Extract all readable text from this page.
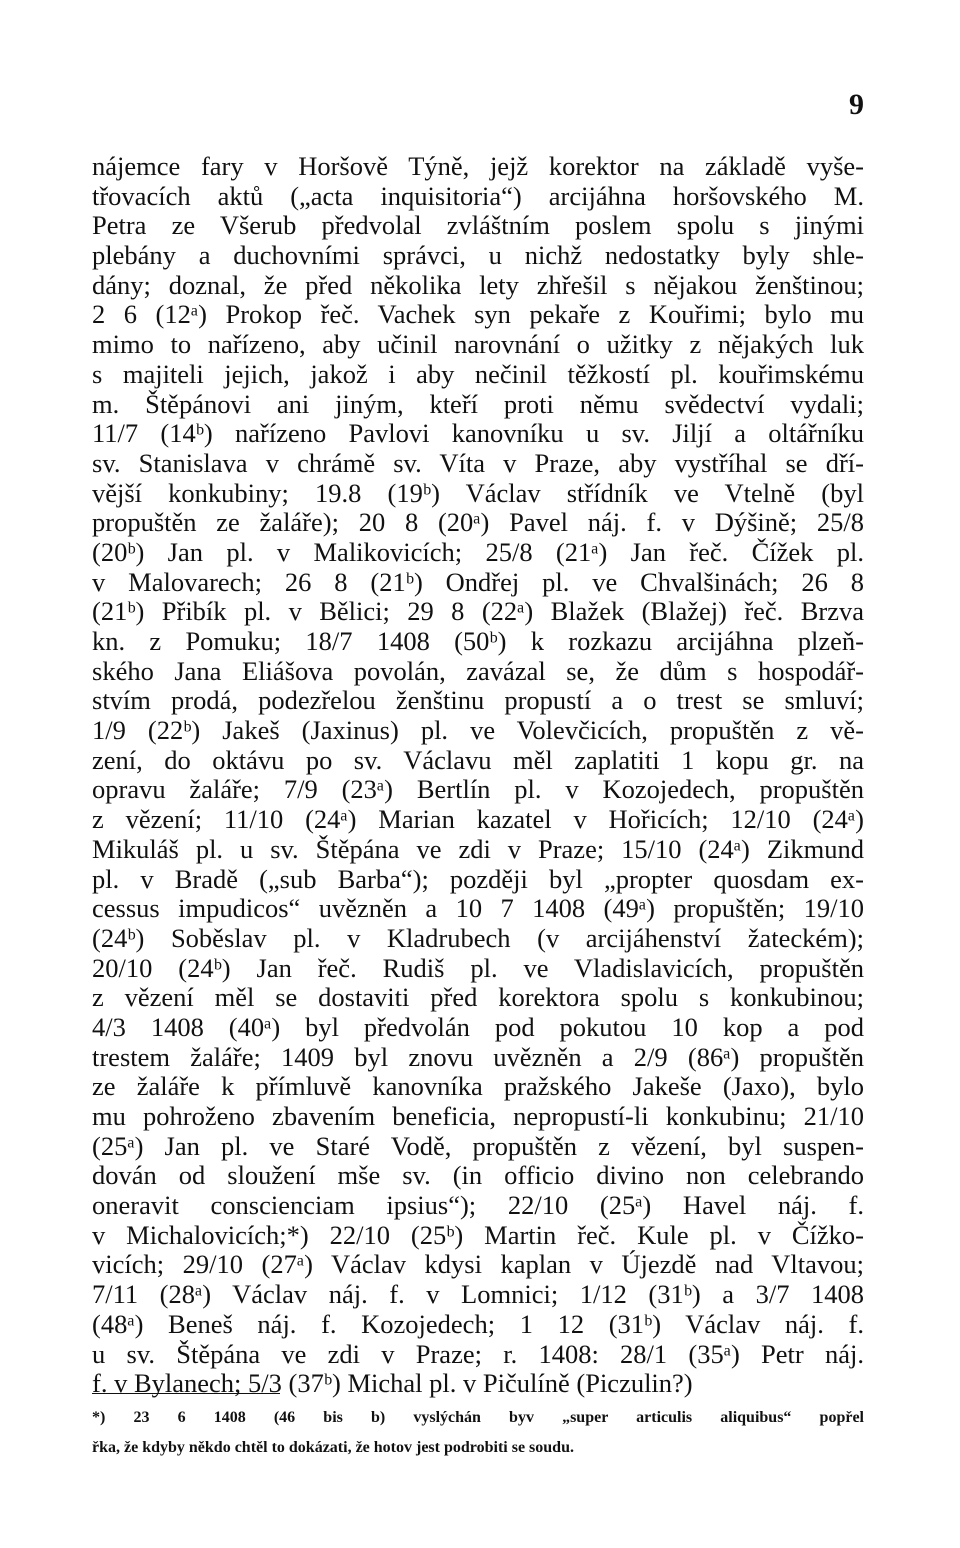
9
nájemce fary v Horšově Týně, jejž korektor na základě vyše-
třovacích aktů („acta inquisitoria“) arcijáhna horšovského M.
Petra ze Všerub předvolal zvláštním poslem spolu s jinými
plebány a duchovními správci, u nichž nedostatky byly shle-
dány; doznal, že před několika lety zhřešil s nějakou ženštinou;
2 6 (12ᵃ) Prokop řeč. Vachek syn pekaře z Kouřimi; bylo mu
mimo to nařízeno, aby učinil narovnání o užitky z nějakých luk
s majiteli jejich, jakož i aby nečinil těžkostí pl. kouřimskému
m. Štěpánovi ani jiným, kteří proti němu svědectví vydali;
11/7 (14ᵇ) nařízeno Pavlovi kanovníku u sv. Jiljí a oltářníku
sv. Stanislava v chrámě sv. Víta v Praze, aby vystříhal se dří-
vější konkubiny; 19.8 (19ᵇ) Václav střídník ve Vtelně (byl
propuštěn ze žaláře); 20 8 (20ᵃ) Pavel náj. f. v Dýšině; 25/8
(20ᵇ) Jan pl. v Malikovicích; 25/8 (21ᵃ) Jan řeč. Čížek pl.
v Malovarech; 26 8 (21ᵇ) Ondřej pl. ve Chvalšinách; 26 8
(21ᵇ) Přibík pl. v Bělici; 29 8 (22ᵃ) Blažek (Blažej) řeč. Brzva
kn. z Pomuku; 18/7 1408 (50ᵇ) k rozkazu arcijáhna plzeň-
ského Jana Eliášova povolán, zavázal se, že dům s hospodář-
stvím prodá, podezřelou ženštinu propustí a o trest se smluví;
1/9 (22ᵇ) Jakeš (Jaxinus) pl. ve Volevčicích, propuštěn z vě-
zení, do oktávu po sv. Václavu měl zaplatiti 1 kopu gr. na
opravu žaláře; 7/9 (23ᵃ) Bertlín pl. v Kozojedech, propuštěn
z vězení; 11/10 (24ᵃ) Marian kazatel v Hořicích; 12/10 (24ᵃ)
Mikuláš pl. u sv. Štěpána ve zdi v Praze; 15/10 (24ᵃ) Zikmund
pl. v Bradě („sub Barba“); později byl „propter quosdam ex-
cessus impudicos“ uvězněn a 10 7 1408 (49ᵃ) propuštěn; 19/10
(24ᵇ) Soběslav pl. v Kladrubech (v arcijáhenství žateckém);
20/10 (24ᵇ) Jan řeč. Rudiš pl. ve Vladislavicích, propuštěn
z vězení měl se dostaviti před korektora spolu s konkubinou;
4/3 1408 (40ᵃ) byl předvolán pod pokutou 10 kop a pod
trestem žaláře; 1409 byl znovu uvězněn a 2/9 (86ᵃ) propuštěn
ze žaláře k přímluvě kanovníka pražského Jakeše (Jaxo), bylo
mu pohroženo zbavením beneficia, nepropustí-li konkubinu; 21/10
(25ᵃ) Jan pl. ve Staré Vodě, propuštěn z vězení, byl suspen-
dován od sloužení mše sv. (in officio divino non celebrando
oneravit conscienciam ipsius“); 22/10 (25ᵃ) Havel náj. f.
v Michalovicích;*) 22/10 (25ᵇ) Martin řeč. Kule pl. v Čížko-
vicích; 29/10 (27ᵃ) Václav kdysi kaplan v Újezdě nad Vltavou;
7/11 (28ᵃ) Václav náj. f. v Lomnici; 1/12 (31ᵇ) a 3/7 1408
(48ᵃ) Beneš náj. f. Kozojedech; 1 12 (31ᵇ) Václav náj. f.
u sv. Štěpána ve zdi v Praze; r. 1408: 28/1 (35ᵃ) Petr náj.
f. v Bylanech; 5/3 (37ᵇ) Michal pl. v Pičulíně (Piczulin?)
*) 23 6 1408 (46 bis b) vyslýchán byv „super articulis aliquibus“ popřel
řka, že kdyby někdo chtěl to dokázati, že hotov jest podrobiti se soudu.
